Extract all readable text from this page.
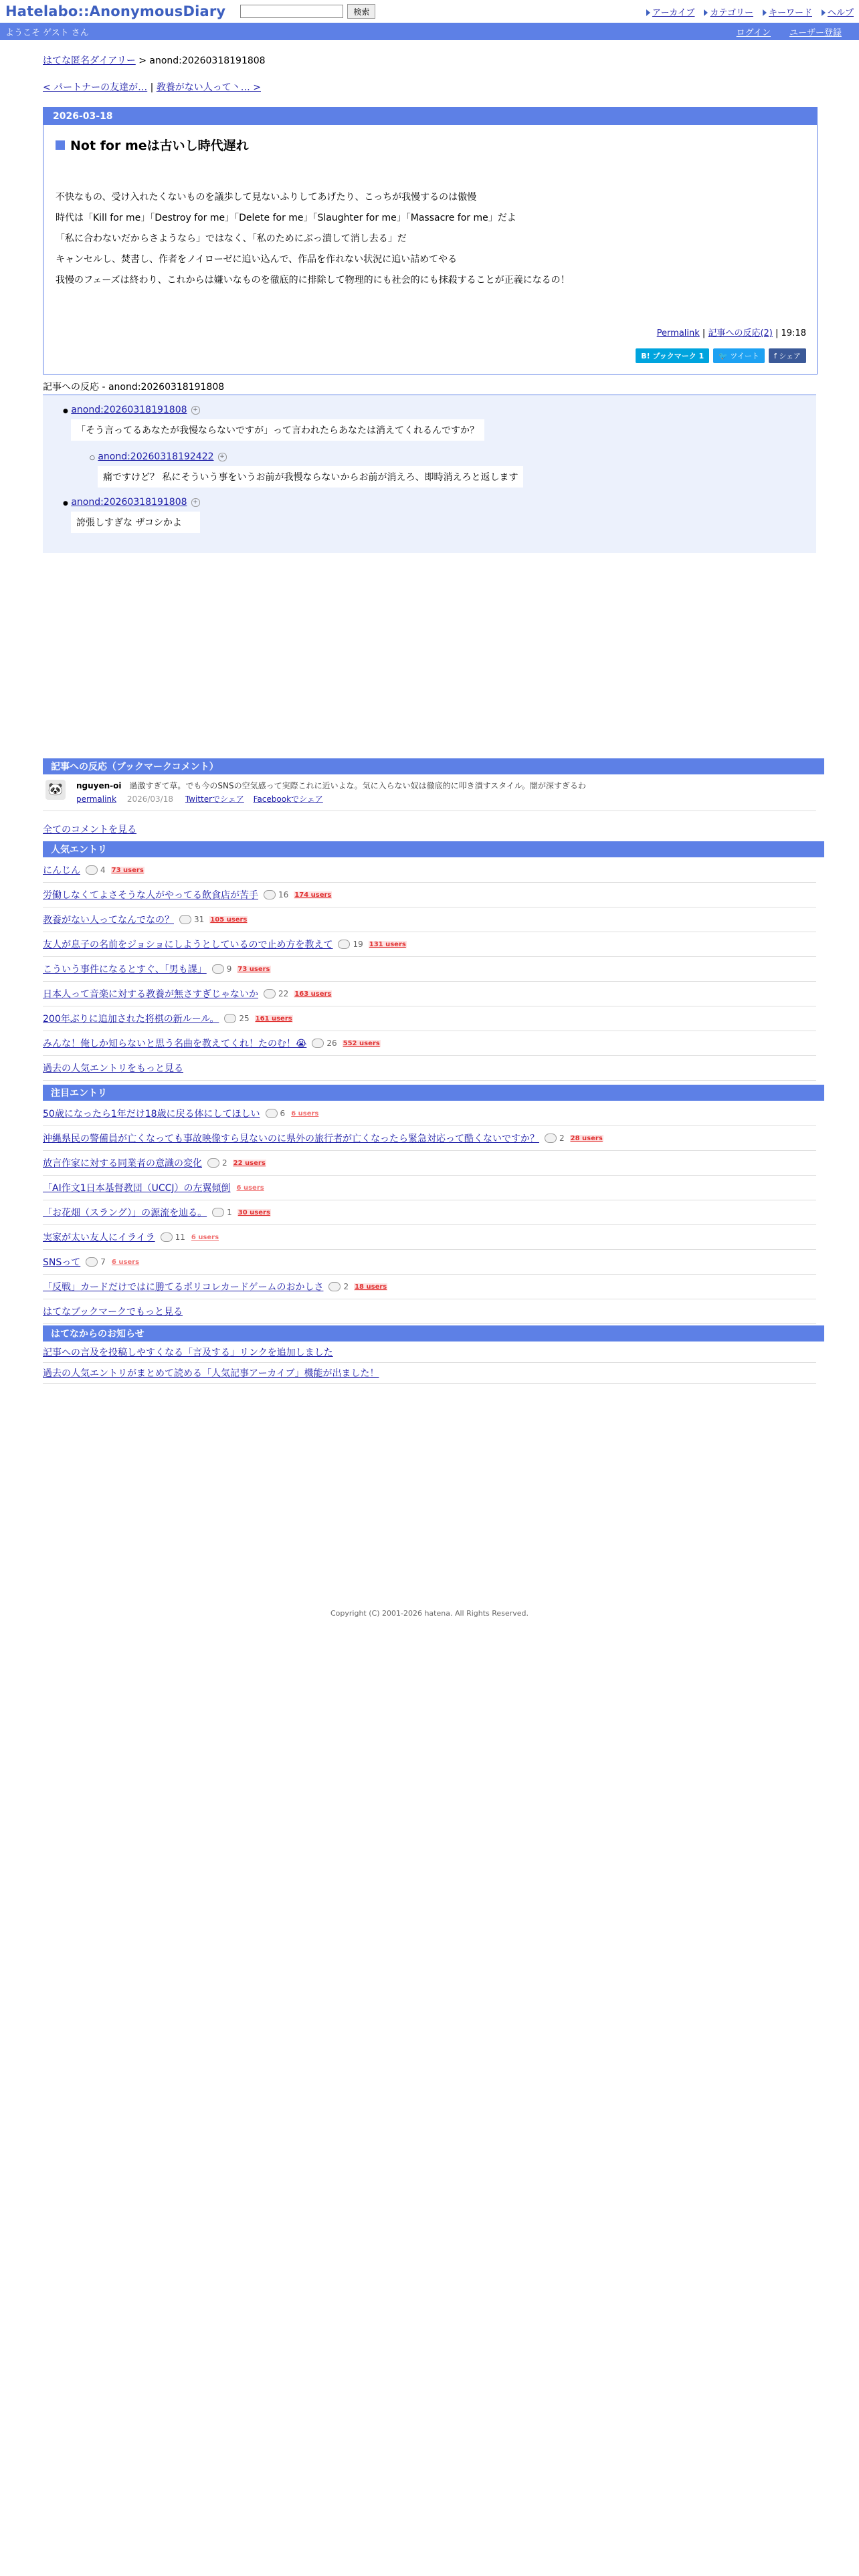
Hatelabo::AnonymousDiary	検索	アーカイブ	カテゴリー	キーワード	ヘルプ
ようこそ ゲスト さん	ログイン ユーザー登録
はてな匿名ダイアリー > anond:20260318191808
< パートナーの友達が… | 教養がない人って丶… >
2026-03-18
Not for meは古いし時代遅れ

不快なもの、受け入れたくないものを議歩して見ないふりしてあげたり、こっちが我慢するのは傲慢

時代は「Kill for me」「Destroy for me」「Delete for me」「Slaughter for me」「Massacre for me」だよ

「私に合わないだからさようなら」ではなく、「私のためにぶっ潰して消し去る」だ

キャンセルし、焚書し、作者をノイローゼに追い込んで、作品を作れない状況に追い詰めてやる

我慢のフェーズは終わり、これからは嫌いなものを徹底的に排除して物理的にも社会的にも抹殺することが正義になるの！

Permalink | 記事への反応(2) | 19:18
B! ブックマーク 1	🐦 ツイート	f シェア
記事への反応 - anond:20260318191808
● anond:20260318191808 +
「そう言ってるあなたが我慢ならないですが」って言われたらあなたは消えてくれるんですか？
○ anond:20260318192422 +
痛ですけど？ 私にそういう事をいうお前が我慢ならないからお前が消えろ、即時消えろと返します
● anond:20260318191808 +
誇張しすぎな ザコシかよ
記事への反応（ブックマークコメント）
🐼	nguyen-oi 過激すぎて草。でも今のSNSの空気感って実際これに近いよな。気に入らない奴は徹底的に叩き潰すスタイル。闇が深すぎるわ
permalink 2026/03/18 Twitterでシェア Facebookでシェア
全てのコメントを見る
人気エントリ
にんじん	4 73 users
労働しなくてよさそうな人がやってる飲食店が苦手	16 174 users
教養がない人ってなんでなの？	31 105 users
友人が息子の名前をジョショにしようとしているので止め方を教えて	19 131 users
こういう事件になるとすぐ、「男も課」	9 73 users
日本人って音楽に対する教養が無さすぎじゃないか	22 163 users
200年ぶりに追加された将棋の新ルール。	25 161 users
みんな！俺しか知らないと思う名曲を教えてくれ！たのむ！😭	26 552 users
過去の人気エントリをもっと見る
注目エントリ
50歳になったら1年だけ18歳に戻る体にしてほしい	6 6 users
沖縄県民の警備員が亡くなっても事故映像すら見ないのに県外の旅行者が亡くなったら緊急対応って酷くないですか？	2 28 users
放言作家に対する同業者の意識の変化	2 22 users
「AI作文1日本基督教団（UCCJ）の左翼傾倒 6 users
「お花畑（スラング）」の源流を辿る。	1 30 users
実家が太い友人にイライラ	11 6 users
SNSって	7 6 users
「反戦」カードだけではに勝てるポリコレカードゲームのおかしさ	2 18 users
はてなブックマークでもっと見る
はてなからのお知らせ
記事への言及を投稿しやすくなる「言及する」リンクを追加しました
過去の人気エントリがまとめて読める「人気記事アーカイブ」機能が出ました！
Copyright (C) 2001-2026 hatena. All Rights Reserved.
